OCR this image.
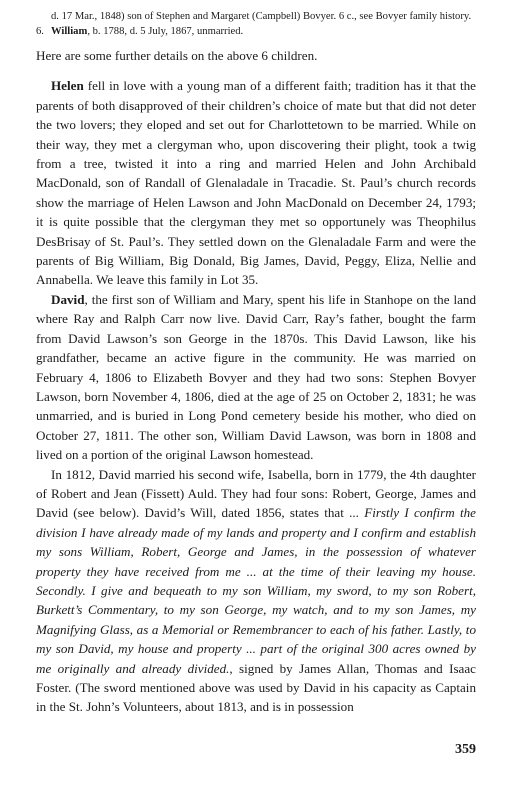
d. 17 Mar., 1848) son of Stephen and Margaret (Campbell) Bovyer. 6 c., see Bovyer family history.

6. William, b. 1788, d. 5 July, 1867, unmarried.

Here are some further details on the above 6 children.

Helen fell in love with a young man of a different faith; tradition has it that the parents of both disapproved of their children’s choice of mate but that did not deter the two lovers; they eloped and set out for Charlottetown to be married. While on their way, they met a clergyman who, upon discovering their plight, took a twig from a tree, twisted it into a ring and married Helen and John Archibald MacDonald, son of Randall of Glenaladale in Tracadie. St. Paul’s church records show the marriage of Helen Lawson and John MacDonald on December 24, 1793; it is quite possible that the clergyman they met so opportunely was Theophilus DesBrisay of St. Paul’s. They settled down on the Glenaladale Farm and were the parents of Big William, Big Donald, Big James, David, Peggy, Eliza, Nellie and Annabella. We leave this family in Lot 35.

David, the first son of William and Mary, spent his life in Stanhope on the land where Ray and Ralph Carr now live. David Carr, Ray’s father, bought the farm from David Lawson’s son George in the 1870s. This David Lawson, like his grandfather, became an active figure in the community. He was married on February 4, 1806 to Elizabeth Bovyer and they had two sons: Stephen Bovyer Lawson, born November 4, 1806, died at the age of 25 on October 2, 1831; he was unmarried, and is buried in Long Pond cemetery beside his mother, who died on October 27, 1811. The other son, William David Lawson, was born in 1808 and lived on a portion of the original Lawson homestead.

In 1812, David married his second wife, Isabella, born in 1779, the 4th daughter of Robert and Jean (Fissett) Auld. They had four sons: Robert, George, James and David (see below). David’s Will, dated 1856, states that ... Firstly I confirm the division I have already made of my lands and property and I confirm and establish my sons William, Robert, George and James, in the possession of whatever property they have received from me ... at the time of their leaving my house. Secondly. I give and bequeath to my son William, my sword, to my son Robert, Burkett’s Commentary, to my son George, my watch, and to my son James, my Magnifying Glass, as a Memorial or Remembrancer to each of his father. Lastly, to my son David, my house and property ... part of the original 300 acres owned by me originally and already divided., signed by James Allan, Thomas and Isaac Foster. (The sword mentioned above was used by David in his capacity as Captain in the St. John’s Volunteers, about 1813, and is in possession

359
